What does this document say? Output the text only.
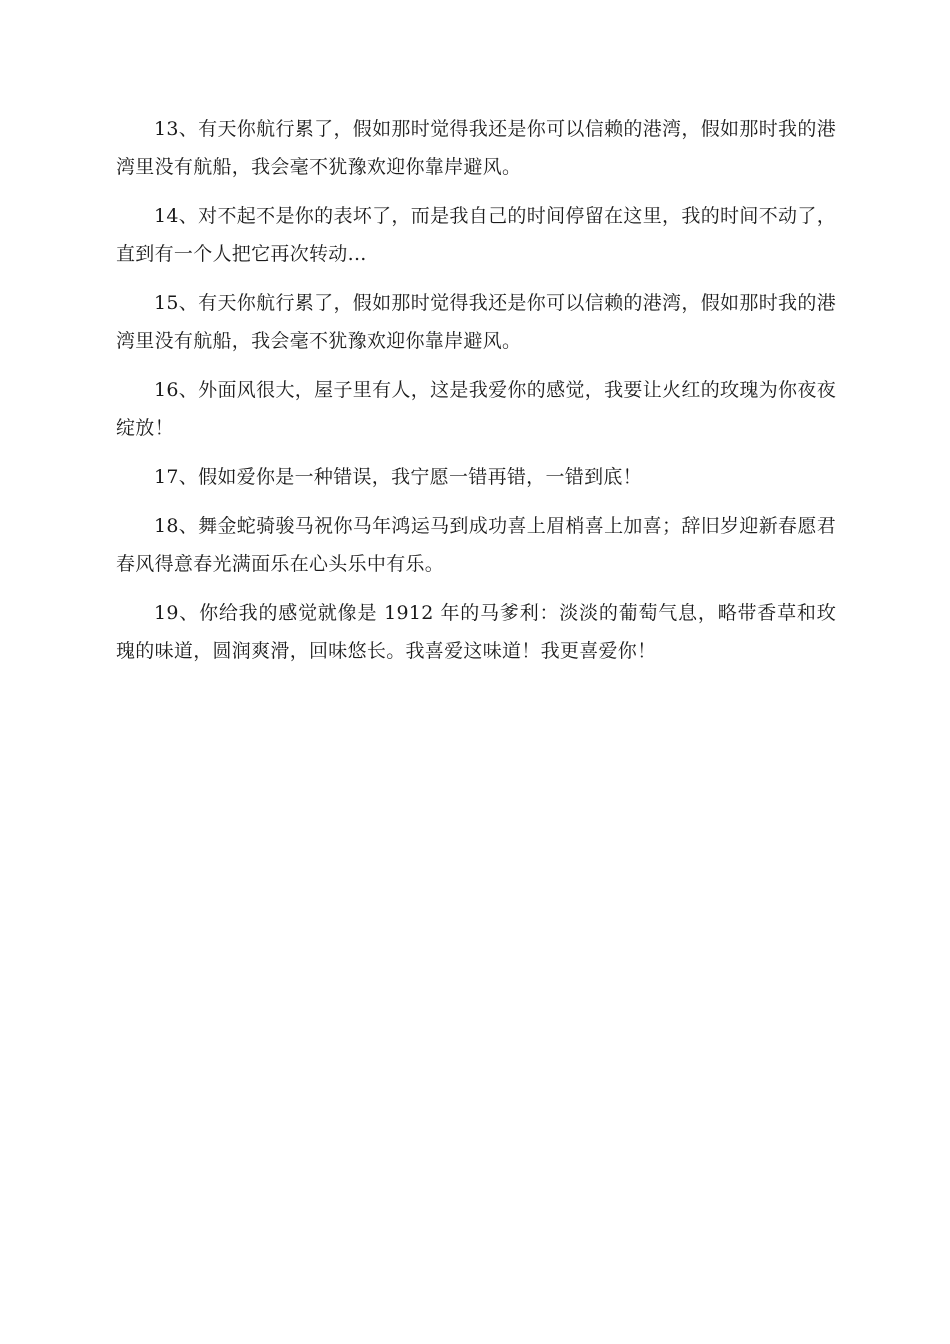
13、有天你航行累了，假如那时觉得我还是你可以信赖的港湾，假如那时我的港湾里没有航船，我会毫不犹豫欢迎你靠岸避风。

14、对不起不是你的表坏了，而是我自己的时间停留在这里，我的时间不动了，直到有一个人把它再次转动...

15、有天你航行累了，假如那时觉得我还是你可以信赖的港湾，假如那时我的港湾里没有航船，我会毫不犹豫欢迎你靠岸避风。

16、外面风很大，屋子里有人，这是我爱你的感觉，我要让火红的玫瑰为你夜夜绽放！

17、假如爱你是一种错误，我宁愿一错再错，一错到底！

18、舞金蛇骑骏马祝你马年鸿运马到成功喜上眉梢喜上加喜；辞旧岁迎新春愿君春风得意春光满面乐在心头乐中有乐。

19、你给我的感觉就像是 1912 年的马爹利：淡淡的葡萄气息，略带香草和玫瑰的味道，圆润爽滑，回味悠长。我喜爱这味道！我更喜爱你！
